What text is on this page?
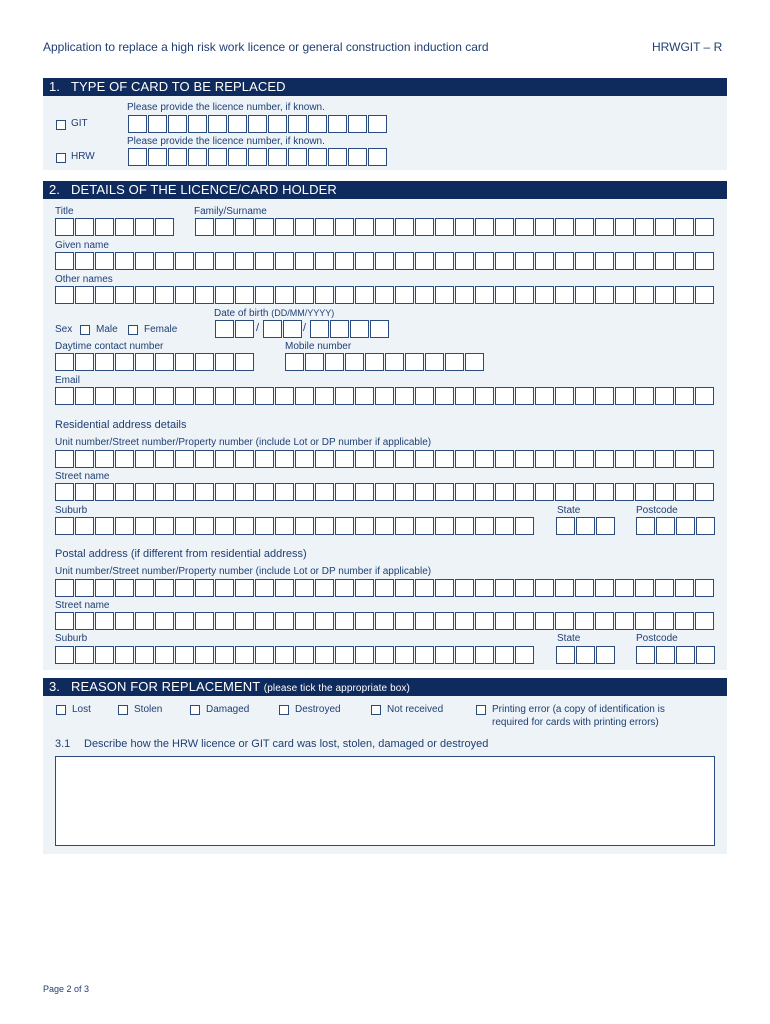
Application to replace a high risk work licence or general construction induction card	HRWGIT – R
1. TYPE OF CARD TO BE REPLACED
Please provide the licence number, if known.
GIT
Please provide the licence number, if known.
HRW
2. DETAILS OF THE LICENCE/CARD HOLDER
Title	Family/Surname
Given name
Other names
Date of birth (DD/MM/YYYY)
Sex Male	Female	/	/
Daytime contact number	Mobile number
Email
Residential address details
Unit number/Street number/Property number (include Lot or DP number if applicable)
Street name
Suburb	State	Postcode
Postal address (if different from residential address)
Unit number/Street number/Property number (include Lot or DP number if applicable)
Street name
Suburb	State	Postcode
3. REASON FOR REPLACEMENT (please tick the appropriate box)
Lost	Stolen	Damaged	Destroyed	Not received	Printing error (a copy of identification is
required for cards with printing errors)
3.1 Describe how the HRW licence or GIT card was lost, stolen, damaged or destroyed
Page 2 of 3
